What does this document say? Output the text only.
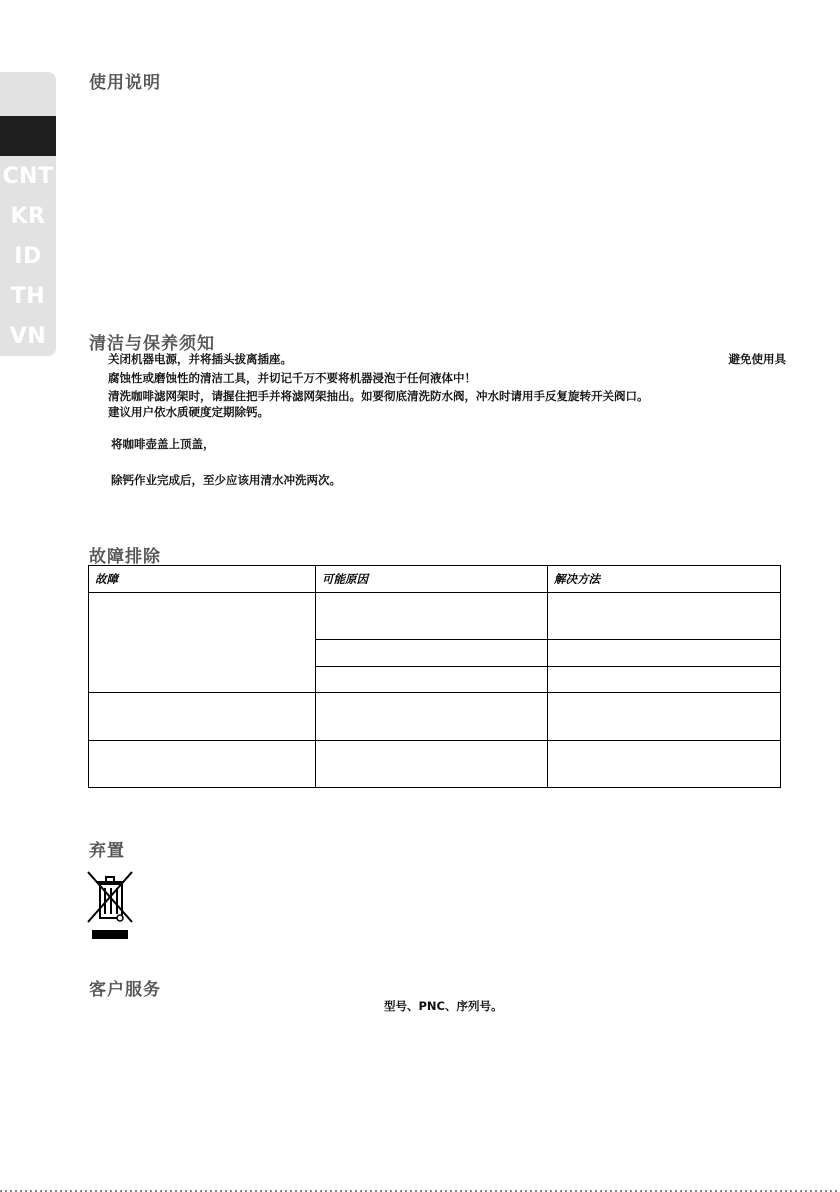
CNT
KR
ID
TH
VN
使用说明
清洁与保养须知
关闭机器电源，并将插头拔离插座。	避免使用具
腐蚀性或磨蚀性的清洁工具，并切记千万不要将机器浸泡于任何液体中！
清洗咖啡滤网架时，请握住把手并将滤网架抽出。如要彻底清洗防水阀，冲水时请用手反复旋转开关阀口。
建议用户依水质硬度定期除钙。
将咖啡壶盖上顶盖，
除钙作业完成后，至少应该用清水冲洗两次。
故障排除
故障	可能原因	解决方法

弃置
客户服务
型号、PNC、序列号。
